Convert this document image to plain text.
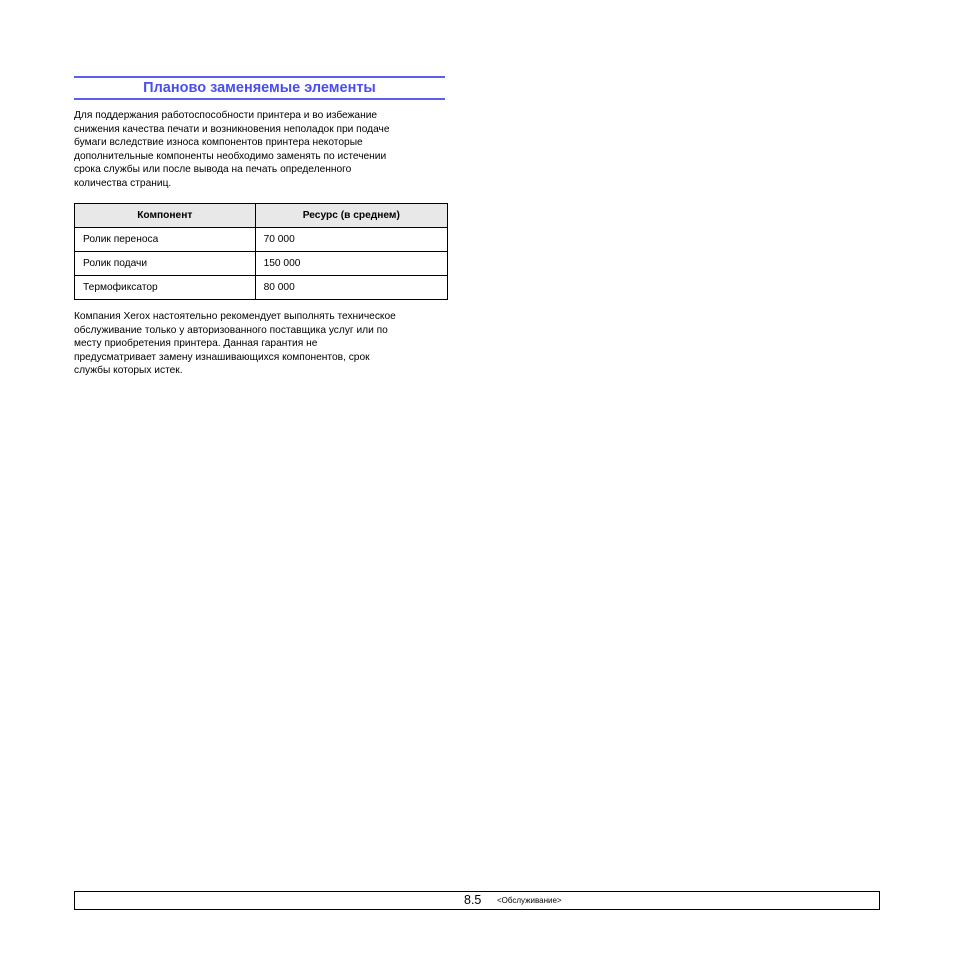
Планово заменяемые элементы

Для поддержания работоспособности принтера и во избежание
снижения качества печати и возникновения неполадок при подаче
бумаги вследствие износа компонентов принтера некоторые
дополнительные компоненты необходимо заменять по истечении
срока службы или после вывода на печать определенного
количества страниц.

Компонент	Ресурс (в среднем)
Ролик переноса	70 000
Ролик подачи	150 000
Термофиксатор	80 000

Компания Xerox настоятельно рекомендует выполнять техническое
обслуживание только у авторизованного поставщика услуг или по
месту приобретения принтера. Данная гарантия не
предусматривает замену изнашивающихся компонентов, срок
службы которых истек.

8.5 <Обслуживание>
